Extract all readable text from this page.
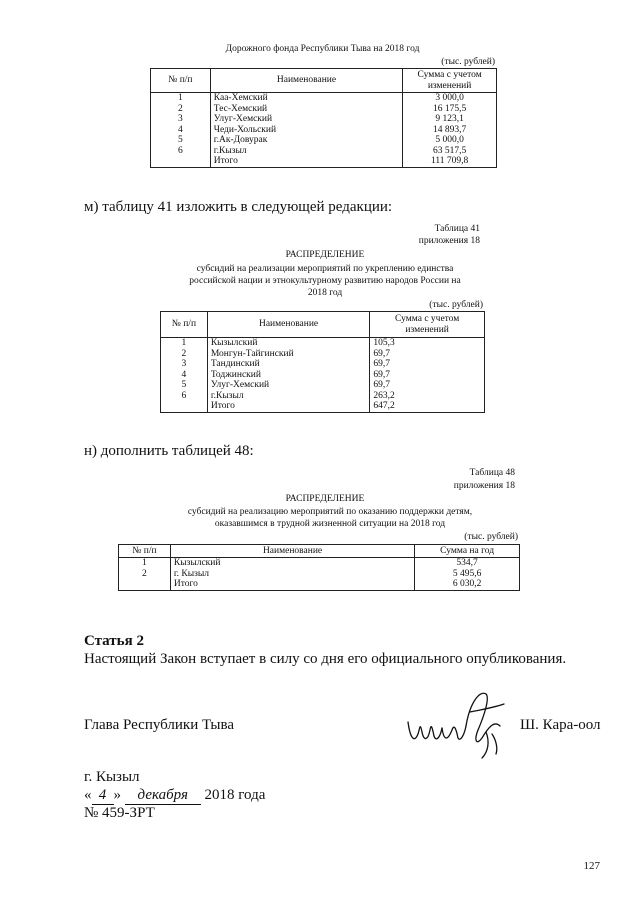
Дорожного фонда Республики Тыва на 2018 год
(тыс. рублей)
№ п/п	Наименование	Сумма с учетом изменений
1	Каа-Хемский	3 000,0
2	Тес-Хемский	16 175,5
3	Улуг-Хемский	9 123,1
4	Чеди-Хольский	14 893,7
5	г.Ак-Довурак	5 000,0
6	г.Кызыл	63 517,5
	Итого	111 709,8
м) таблицу 41 изложить в следующей редакции:
Таблица 41
приложения 18
РАСПРЕДЕЛЕНИЕ
субсидий на реализации мероприятий по укреплению единства
российской нации и этнокультурному развитию народов России на
2018 год
(тыс. рублей)
№ п/п	Наименование	Сумма с учетом изменений
1	Кызылский	105,3
2	Монгун-Тайгинский	69,7
3	Тандинский	69,7
4	Тоджинский	69,7
5	Улуг-Хемский	69,7
6	г.Кызыл	263,2
	Итого	647,2
н) дополнить таблицей 48:
Таблица 48
приложения 18
РАСПРЕДЕЛЕНИЕ
субсидий на реализацию мероприятий по оказанию поддержки детям,
оказавшимся в трудной жизненной ситуации на 2018 год
(тыс. рублей)
№ п/п	Наименование	Сумма на год
1	Кызылский	534,7
2	г. Кызыл	5 495,6
	Итого	6 030,2
Статья 2
Настоящий Закон вступает в силу со дня его официального опубликования.
Глава Республики Тыва	Ш. Кара-оол
г. Кызыл
« 4 » декабря 2018 года
№ 459-ЗРТ
127
